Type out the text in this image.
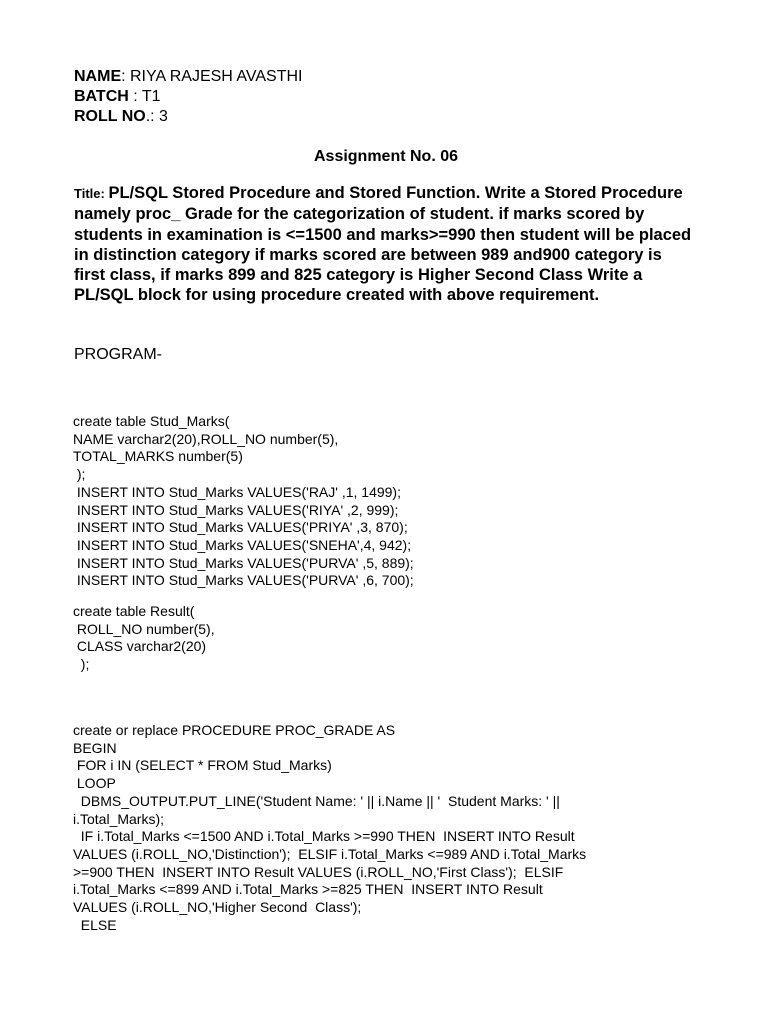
NAME: RIYA RAJESH AVASTHI
BATCH : T1
ROLL NO.: 3
Assignment No. 06
Title: PL/SQL Stored Procedure and Stored Function. Write a Stored Procedure namely proc_ Grade for the categorization of student. if marks scored by students in examination is <=1500 and marks>=990 then student will be placed in distinction category if marks scored are between 989 and900 category is first class, if marks 899 and 825 category is Higher Second Class Write a PL/SQL block for using procedure created with above requirement.
PROGRAM-
create table Stud_Marks(
NAME varchar2(20),ROLL_NO number(5),
TOTAL_MARKS number(5)
);
INSERT INTO Stud_Marks VALUES('RAJ' ,1, 1499);
INSERT INTO Stud_Marks VALUES('RIYA' ,2, 999);
INSERT INTO Stud_Marks VALUES('PRIYA' ,3, 870);
INSERT INTO Stud_Marks VALUES('SNEHA',4, 942);
INSERT INTO Stud_Marks VALUES('PURVA' ,5, 889);
INSERT INTO Stud_Marks VALUES('PURVA' ,6, 700);
create table Result(
ROLL_NO number(5),
CLASS varchar2(20)
);
create or replace PROCEDURE PROC_GRADE AS
BEGIN
FOR i IN (SELECT * FROM Stud_Marks)
LOOP
DBMS_OUTPUT.PUT_LINE('Student Name: ' || i.Name || '  Student Marks: ' ||
i.Total_Marks);
IF i.Total_Marks <=1500 AND i.Total_Marks >=990 THEN  INSERT INTO Result
VALUES (i.ROLL_NO,'Distinction');  ELSIF i.Total_Marks <=989 AND i.Total_Marks
>=900 THEN  INSERT INTO Result VALUES (i.ROLL_NO,'First Class');  ELSIF
i.Total_Marks <=899 AND i.Total_Marks >=825 THEN  INSERT INTO Result
VALUES (i.ROLL_NO,'Higher Second  Class');
ELSE
